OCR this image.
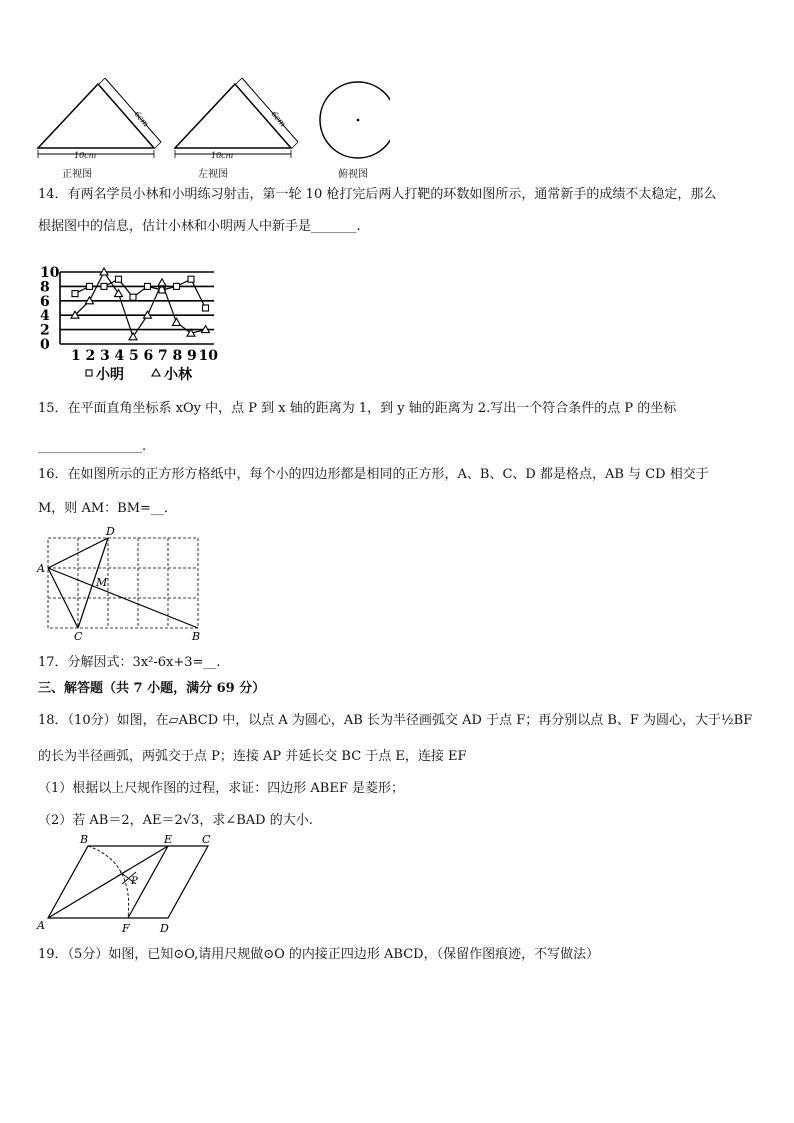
10cm
6cm
10cm
6cm
正视图	左视图	俯视图
14．有两名学员小林和小明练习射击，第一轮 10 枪打完后两人打靶的环数如图所示，通常新手的成绩不太稳定，那么
根据图中的信息，估计小林和小明两人中新手是_______.
0
2
4
6
8
10
1 2 3 4 5 6 7 8 9 10
小明	小林
15．在平面直角坐标系 xOy 中，点 P 到 x 轴的距离为 1，到 y 轴的距离为 2.写出一个符合条件的点 P 的坐标
________________.
16．在如图所示的正方形方格纸中，每个小的四边形都是相同的正方形，A、B、C、D 都是格点，AB 与 CD 相交于
M，则 AM：BM=__．
A
D
M
C	B
17．分解因式：3x²-6x+3=__.
三、解答题（共 7 小题，满分 69 分）
18．（10分）如图，在▱ABCD 中，以点 A 为圆心，AB 长为半径画弧交 AD 于点 F；再分别以点 B、F 为圆心，大于½BF
的长为半径画弧，两弧交于点 P；连接 AP 并延长交 BC 于点 E，连接 EF
（1）根据以上尺规作图的过程，求证：四边形 ABEF 是菱形；
（2）若 AB＝2，AE＝2√3，求∠BAD 的大小.
B	E	C
P
A	F	D
19．（5分）如图，已知⊙O,请用尺规做⊙O 的内接正四边形 ABCD，（保留作图痕迹，不写做法）
